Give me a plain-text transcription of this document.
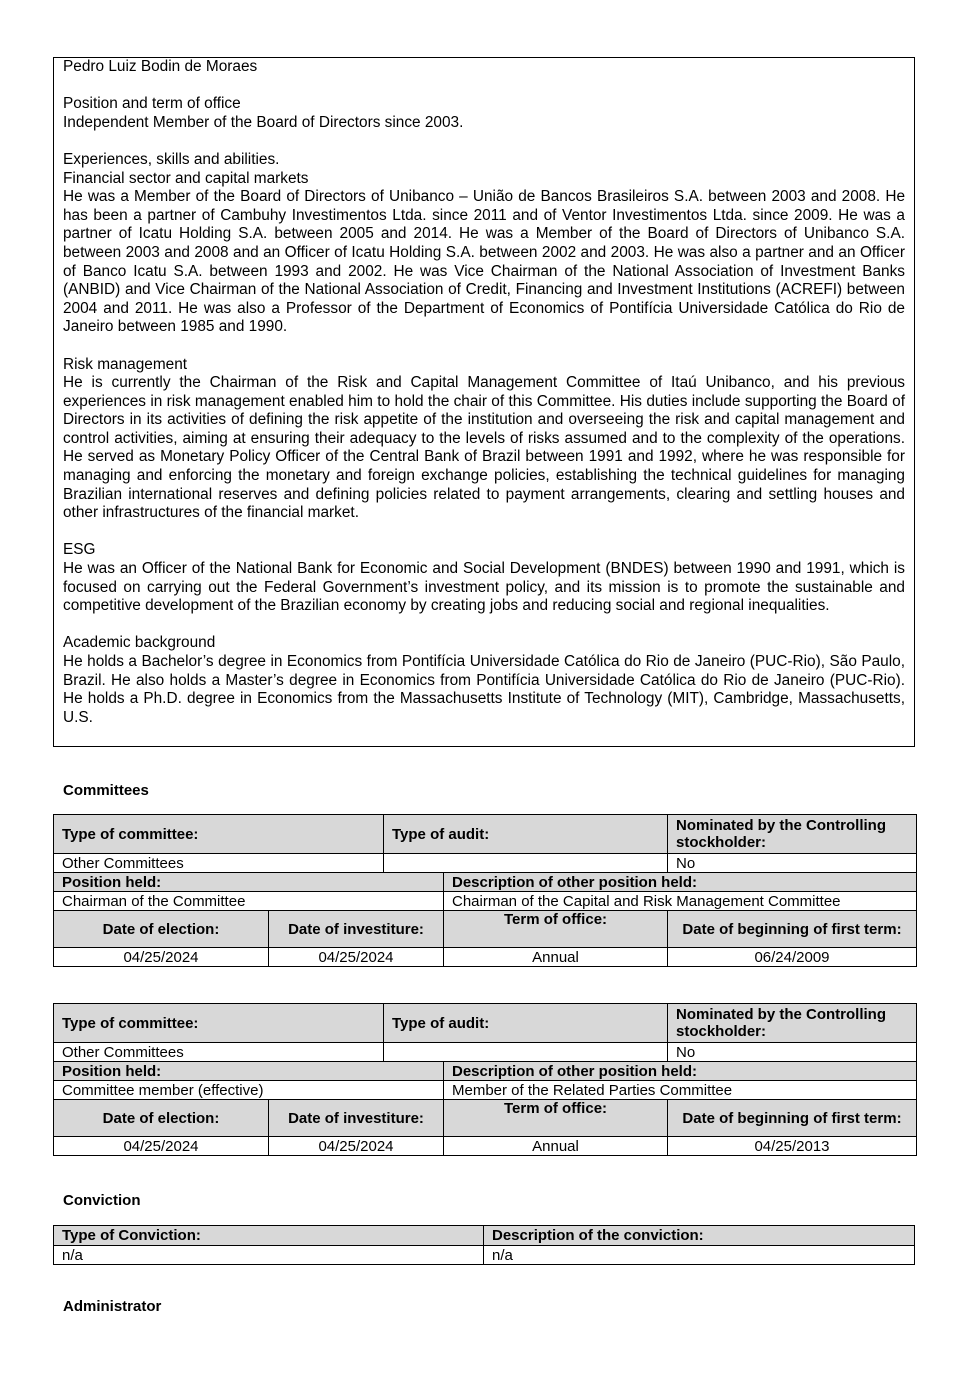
Pedro Luiz Bodin de Moraes

Position and term of office

Independent Member of the Board of Directors since 2003.

Experiences, skills and abilities.

Financial sector and capital markets

He was a Member of the Board of Directors of Unibanco – União de Bancos Brasileiros S.A. between 2003 and 2008. He has been a partner of Cambuhy Investimentos Ltda. since 2011 and of Ventor Investimentos Ltda. since 2009. He was a partner of Icatu Holding S.A. between 2005 and 2014. He was a Member of the Board of Directors of Unibanco S.A. between 2003 and 2008 and an Officer of Icatu Holding S.A. between 2002 and 2003. He was also a partner and an Officer of Banco Icatu S.A. between 1993 and 2002. He was Vice Chairman of the National Association of Investment Banks (ANBID) and Vice Chairman of the National Association of Credit, Financing and Investment Institutions (ACREFI) between 2004 and 2011. He was also a Professor of the Department of Economics of Pontifícia Universidade Católica do Rio de Janeiro between 1985 and 1990.

Risk management

He is currently the Chairman of the Risk and Capital Management Committee of Itaú Unibanco, and his previous experiences in risk management enabled him to hold the chair of this Committee. His duties include supporting the Board of Directors in its activities of defining the risk appetite of the institution and overseeing the risk and capital management and control activities, aiming at ensuring their adequacy to the levels of risks assumed and to the complexity of the operations. He served as Monetary Policy Officer of the Central Bank of Brazil between 1991 and 1992, where he was responsible for managing and enforcing the monetary and foreign exchange policies, establishing the technical guidelines for managing Brazilian international reserves and defining policies related to payment arrangements, clearing and settling houses and other infrastructures of the financial market.

ESG

He was an Officer of the National Bank for Economic and Social Development (BNDES) between 1990 and 1991, which is focused on carrying out the Federal Government’s investment policy, and its mission is to promote the sustainable and competitive development of the Brazilian economy by creating jobs and reducing social and regional inequalities.

Academic background

He holds a Bachelor’s degree in Economics from Pontifícia Universidade Católica do Rio de Janeiro (PUC-Rio), São Paulo, Brazil. He also holds a Master’s degree in Economics from Pontifícia Universidade Católica do Rio de Janeiro (PUC-Rio). He holds a Ph.D. degree in Economics from the Massachusetts Institute of Technology (MIT), Cambridge, Massachusetts, U.S.

Committees
Type of committee:		Type of audit:		Nominated by the Controlling stockholder:
Other Committees				No
Position held:			Description of other position held:	
Chairman of the Committee			Chairman of the Capital and Risk Management Committee	
Date of election:	Date of investiture:		Term of office:	Date of beginning of first term:
04/25/2024	04/25/2024		Annual	06/24/2009
Type of committee:		Type of audit:		Nominated by the Controlling stockholder:
Other Committees				No
Position held:			Description of other position held:	
Committee member (effective)			Member of the Related Parties Committee	
Date of election:	Date of investiture:		Term of office:	Date of beginning of first term:
04/25/2024	04/25/2024		Annual	04/25/2013
Conviction
Type of Conviction:	Description of the conviction:
n/a	n/a
Administrator
